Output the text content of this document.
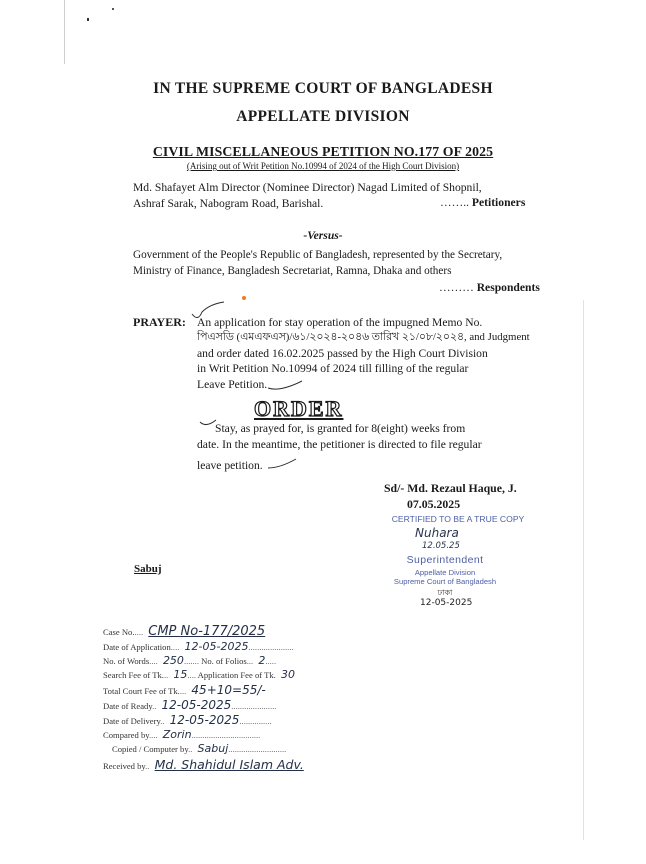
IN THE SUPREME COURT OF BANGLADESH
APPELLATE DIVISION
CIVIL MISCELLANEOUS PETITION NO.177 OF 2025
(Arising out of Writ Petition No.10994 of 2024 of the High Court Division)
Md. Shafayet Alm Director (Nominee Director) Nagad Limited of Shopnil,
Ashraf Sarak, Nabogram Road, Barishal.	…….. Petitioners
-Versus-
Government of the People's Republic of Bangladesh, represented by the Secretary,
Ministry of Finance, Bangladesh Secretariat, Ramna, Dhaka and others
……… Respondents
PRAYER: An application for stay operation of the impugned Memo No.
পিএসডি (এমএফএস)/৬১/২০২৪-২০৪৬ তারিখ ২১/০৮/২০২৪, and Judgment
and order dated 16.02.2025 passed by the High Court Division
in Writ Petition No.10994 of 2024 till filling of the regular
Leave Petition.
ORDER
Stay, as prayed for, is granted for 8(eight) weeks from
date. In the meantime, the petitioner is directed to file regular
leave petition.
Sd/- Md. Rezaul Haque, J.
07.05.2025
CERTIFIED TO BE A TRUE COPY
Nuhara
12.05.25
Superintendent
Appellate Division
Supreme Court of Bangladesh
ঢাকা
12-05-2025
Sabuj
Case No..... CMP No-177/2025
Date of Application.... 12-05-2025.....................
No. of Words.... 250....... No. of Folios... 2.....
Search Fee of Tk... 15.... Application Fee of Tk. 30
Total Court Fee of Tk.... 45+10=55/-
Date of Ready.. 12-05-2025.....................
Date of Delivery.. 12-05-2025...............
Compared by.... Zorin................................
Copied / Computer by.. Sabuj...........................
Received by.. Md. Shahidul Islam Adv.
